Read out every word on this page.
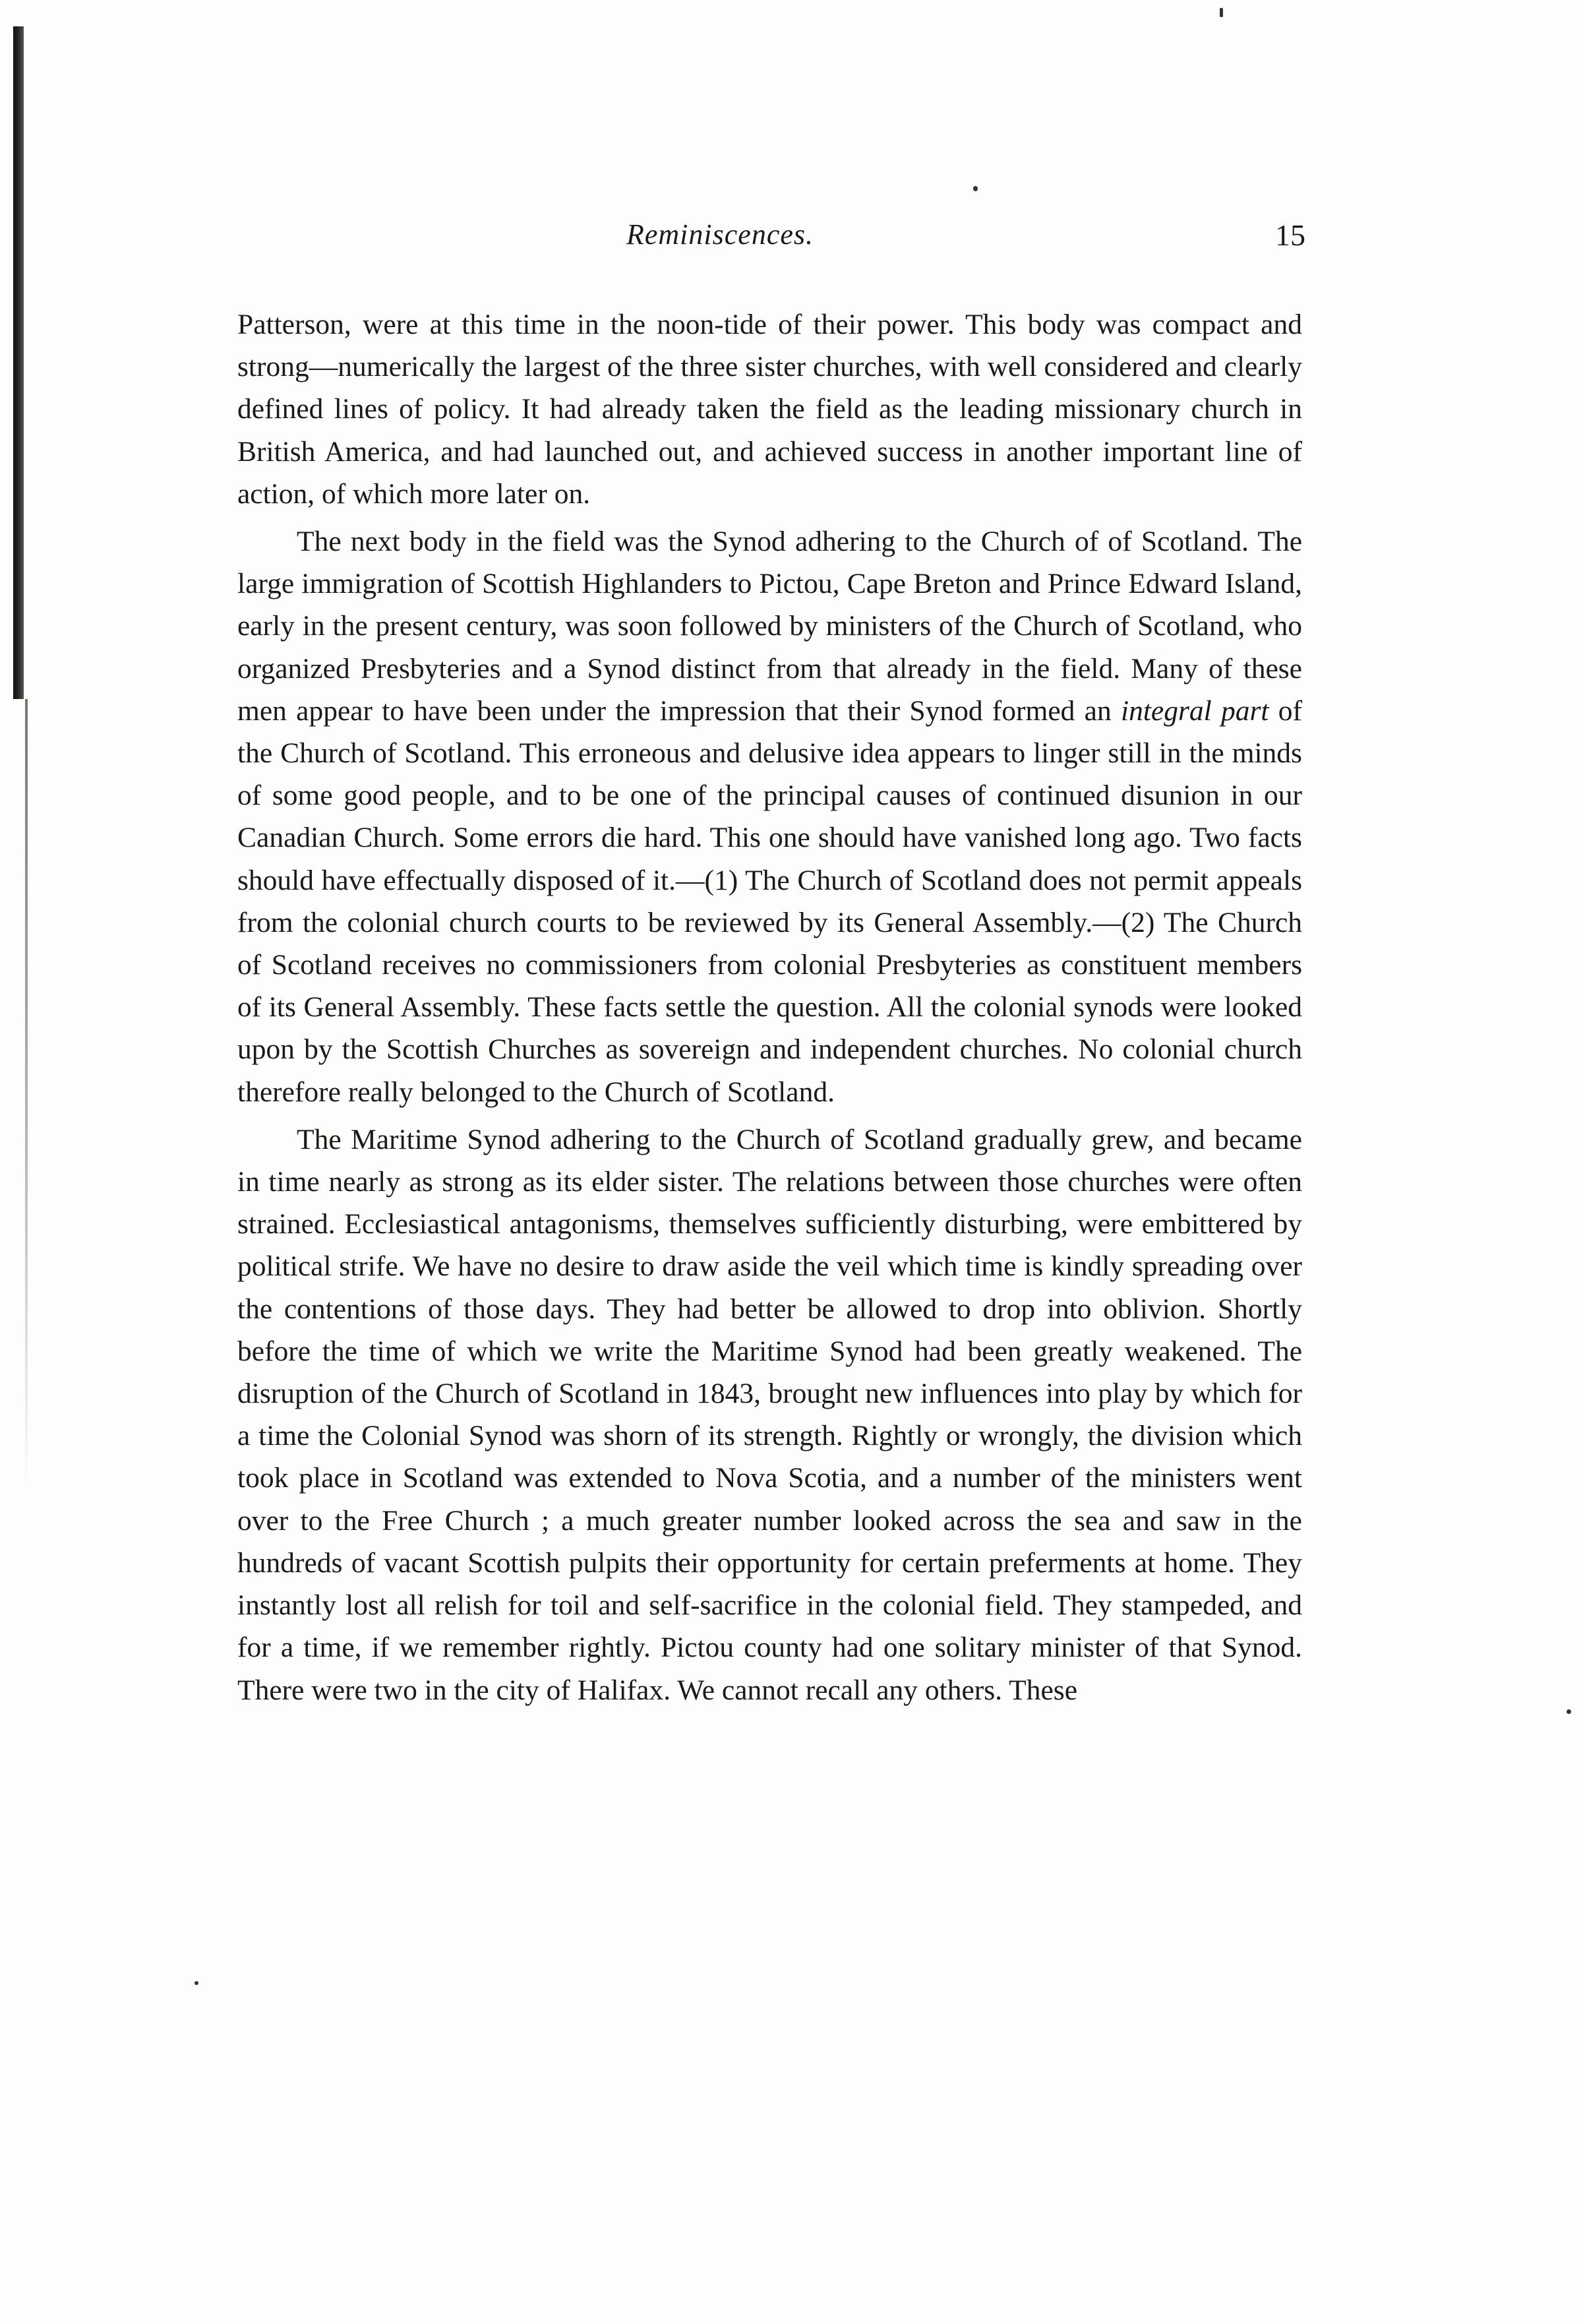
Reminiscences.	15

Patterson, were at this time in the noon-tide of their power. This body was compact and strong—numerically the largest of the three sister churches, with well considered and clearly defined lines of policy. It had already taken the field as the leading missionary church in British America, and had launched out, and achieved success in another important line of action, of which more later on.

The next body in the field was the Synod adhering to the Church of of Scotland. The large immigration of Scottish Highlanders to Pictou, Cape Breton and Prince Edward Island, early in the present century, was soon followed by ministers of the Church of Scotland, who organized Presbyteries and a Synod distinct from that already in the field. Many of these men appear to have been under the impression that their Synod formed an integral part of the Church of Scotland. This erroneous and delusive idea appears to linger still in the minds of some good people, and to be one of the principal causes of continued disunion in our Canadian Church. Some errors die hard. This one should have vanished long ago. Two facts should have effectually disposed of it.—(1) The Church of Scotland does not permit appeals from the colonial church courts to be reviewed by its General Assembly.—(2) The Church of Scotland receives no commissioners from colonial Presbyteries as constituent members of its General Assembly. These facts settle the question. All the colonial synods were looked upon by the Scottish Churches as sovereign and independent churches. No colonial church therefore really belonged to the Church of Scotland.

The Maritime Synod adhering to the Church of Scotland gradually grew, and became in time nearly as strong as its elder sister. The relations between those churches were often strained. Ecclesiastical antagonisms, themselves sufficiently disturbing, were embittered by political strife. We have no desire to draw aside the veil which time is kindly spreading over the contentions of those days. They had better be allowed to drop into oblivion. Shortly before the time of which we write the Maritime Synod had been greatly weakened. The disruption of the Church of Scotland in 1843, brought new influences into play by which for a time the Colonial Synod was shorn of its strength. Rightly or wrongly, the division which took place in Scotland was extended to Nova Scotia, and a number of the ministers went over to the Free Church ; a much greater number looked across the sea and saw in the hundreds of vacant Scottish pulpits their opportunity for certain preferments at home. They instantly lost all relish for toil and self-sacrifice in the colonial field. They stampeded, and for a time, if we remember rightly. Pictou county had one solitary minister of that Synod. There were two in the city of Halifax. We cannot recall any others. These
